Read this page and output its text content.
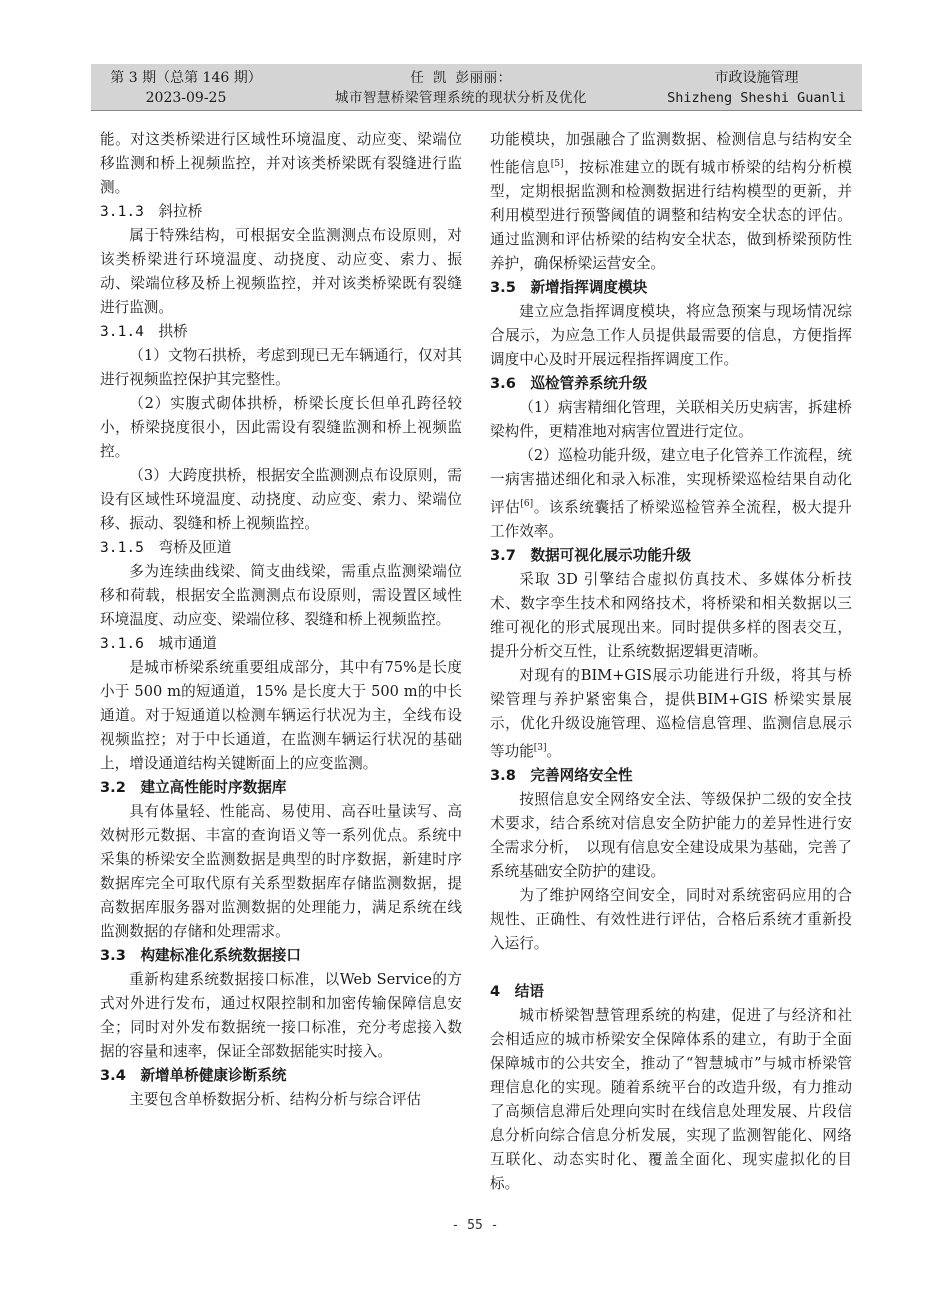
第 3 期（总第 146 期）
2023-09-25
任 凯 彭丽丽：
城市智慧桥梁管理系统的现状分析及优化
市政设施管理
Shizheng Sheshi Guanli

能。对这类桥梁进行区域性环境温度、动应变、梁端位移监测和桥上视频监控，并对该类桥梁既有裂缝进行监测。

3.1.3　斜拉桥

属于特殊结构，可根据安全监测测点布设原则，对该类桥梁进行环境温度、动挠度、动应变、索力、振动、梁端位移及桥上视频监控，并对该类桥梁既有裂缝进行监测。

3.1.4　拱桥

（1）文物石拱桥，考虑到现已无车辆通行，仅对其进行视频监控保护其完整性。

（2）实腹式砌体拱桥，桥梁长度长但单孔跨径较小，桥梁挠度很小，因此需设有裂缝监测和桥上视频监控。

（3）大跨度拱桥，根据安全监测测点布设原则，需设有区域性环境温度、动挠度、动应变、索力、梁端位移、振动、裂缝和桥上视频监控。

3.1.5　弯桥及匝道

多为连续曲线梁、简支曲线梁，需重点监测梁端位移和荷载，根据安全监测测点布设原则，需设置区域性环境温度、动应变、梁端位移、裂缝和桥上视频监控。

3.1.6　城市通道

是城市桥梁系统重要组成部分，其中有75%是长度小于 500 m的短通道，15% 是长度大于 500 m的中长通道。对于短通道以检测车辆运行状况为主，全线布设视频监控；对于中长通道，在监测车辆运行状况的基础上，增设通道结构关键断面上的应变监测。

3.2　建立高性能时序数据库

具有体量轻、性能高、易使用、高吞吐量读写、高效树形元数据、丰富的查询语义等一系列优点。系统中采集的桥梁安全监测数据是典型的时序数据，新建时序数据库完全可取代原有关系型数据库存储监测数据，提高数据库服务器对监测数据的处理能力，满足系统在线监测数据的存储和处理需求。

3.3　构建标准化系统数据接口

重新构建系统数据接口标准，以Web Service的方式对外进行发布，通过权限控制和加密传输保障信息安全；同时对外发布数据统一接口标准，充分考虑接入数据的容量和速率，保证全部数据能实时接入。

3.4　新增单桥健康诊断系统

主要包含单桥数据分析、结构分析与综合评估

功能模块，加强融合了监测数据、检测信息与结构安全性能信息[5]，按标准建立的既有城市桥梁的结构分析模型，定期根据监测和检测数据进行结构模型的更新，并利用模型进行预警阈值的调整和结构安全状态的评估。通过监测和评估桥梁的结构安全状态，做到桥梁预防性养护，确保桥梁运营安全。

3.5　新增指挥调度模块

建立应急指挥调度模块，将应急预案与现场情况综合展示，为应急工作人员提供最需要的信息，方便指挥调度中心及时开展远程指挥调度工作。

3.6　巡检管养系统升级

（1）病害精细化管理，关联相关历史病害，拆建桥梁构件，更精准地对病害位置进行定位。

（2）巡检功能升级，建立电子化管养工作流程，统一病害描述细化和录入标准，实现桥梁巡检结果自动化评估[6]。该系统囊括了桥梁巡检管养全流程，极大提升工作效率。

3.7　数据可视化展示功能升级

采取 3D 引擎结合虚拟仿真技术、多媒体分析技术、数字孪生技术和网络技术，将桥梁和相关数据以三维可视化的形式展现出来。同时提供多样的图表交互，提升分析交互性，让系统数据逻辑更清晰。

对现有的BIM+GIS展示功能进行升级，将其与桥梁管理与养护紧密集合，提供BIM+GIS 桥梁实景展示，优化升级设施管理、巡检信息管理、监测信息展示等功能[3]。

3.8　完善网络安全性

按照信息安全网络安全法、等级保护二级的安全技术要求，结合系统对信息安全防护能力的差异性进行安全需求分析，　以现有信息安全建设成果为基础，完善了系统基础安全防护的建设。

为了维护网络空间安全，同时对系统密码应用的合规性、正确性、有效性进行评估，合格后系统才重新投入运行。

4　结语

城市桥梁智慧管理系统的构建，促进了与经济和社会相适应的城市桥梁安全保障体系的建立，有助于全面保障城市的公共安全，推动了“智慧城市”与城市桥梁管理信息化的实现。随着系统平台的改造升级，有力推动了高频信息滞后处理向实时在线信息处理发展、片段信息分析向综合信息分析发展，实现了监测智能化、网络互联化、动态实时化、覆盖全面化、现实虚拟化的目标。

- 55 -
